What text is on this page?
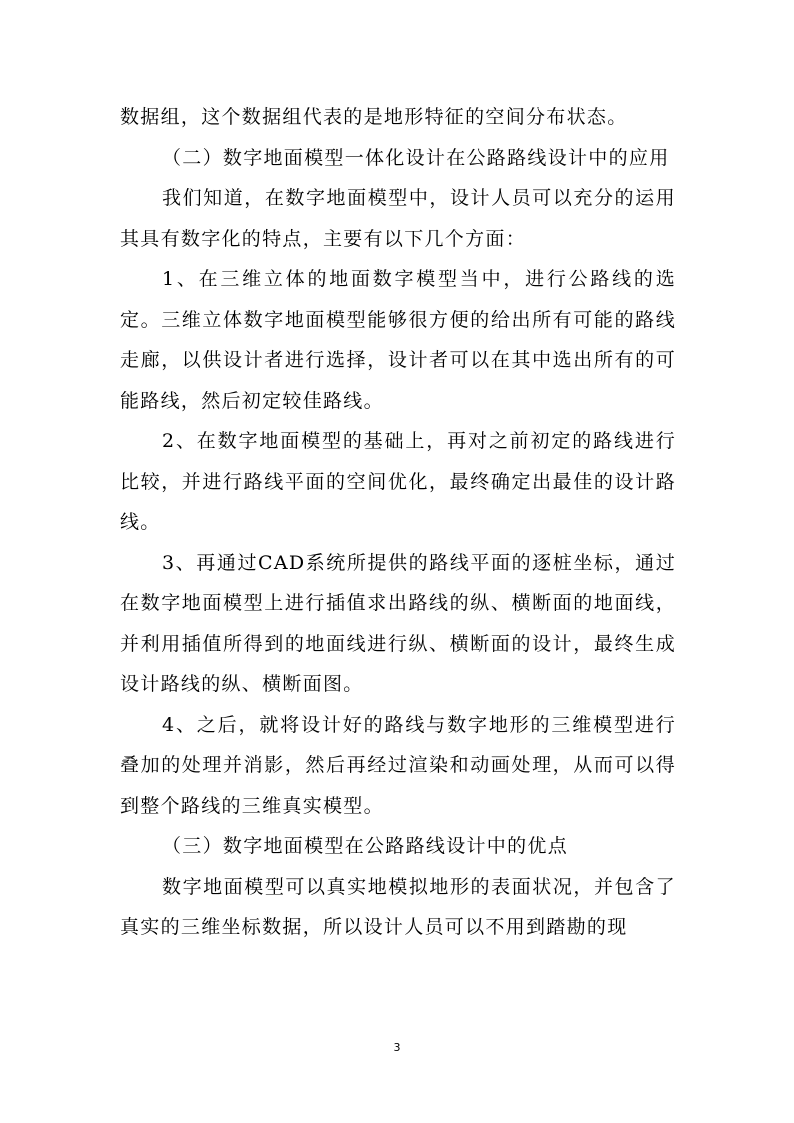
数据组，这个数据组代表的是地形特征的空间分布状态。

（二）数字地面模型一体化设计在公路路线设计中的应用

我们知道，在数字地面模型中，设计人员可以充分的运用其具有数字化的特点，主要有以下几个方面：

1、在三维立体的地面数字模型当中，进行公路线的选定。三维立体数字地面模型能够很方便的给出所有可能的路线走廊，以供设计者进行选择，设计者可以在其中选出所有的可能路线，然后初定较佳路线。

2、在数字地面模型的基础上，再对之前初定的路线进行比较，并进行路线平面的空间优化，最终确定出最佳的设计路线。

3、再通过CAD系统所提供的路线平面的逐桩坐标，通过在数字地面模型上进行插值求出路线的纵、横断面的地面线，并利用插值所得到的地面线进行纵、横断面的设计，最终生成设计路线的纵、横断面图。

4、之后，就将设计好的路线与数字地形的三维模型进行叠加的处理并消影，然后再经过渲染和动画处理，从而可以得到整个路线的三维真实模型。

（三）数字地面模型在公路路线设计中的优点

数字地面模型可以真实地模拟地形的表面状况，并包含了真实的三维坐标数据，所以设计人员可以不用到踏勘的现

3
